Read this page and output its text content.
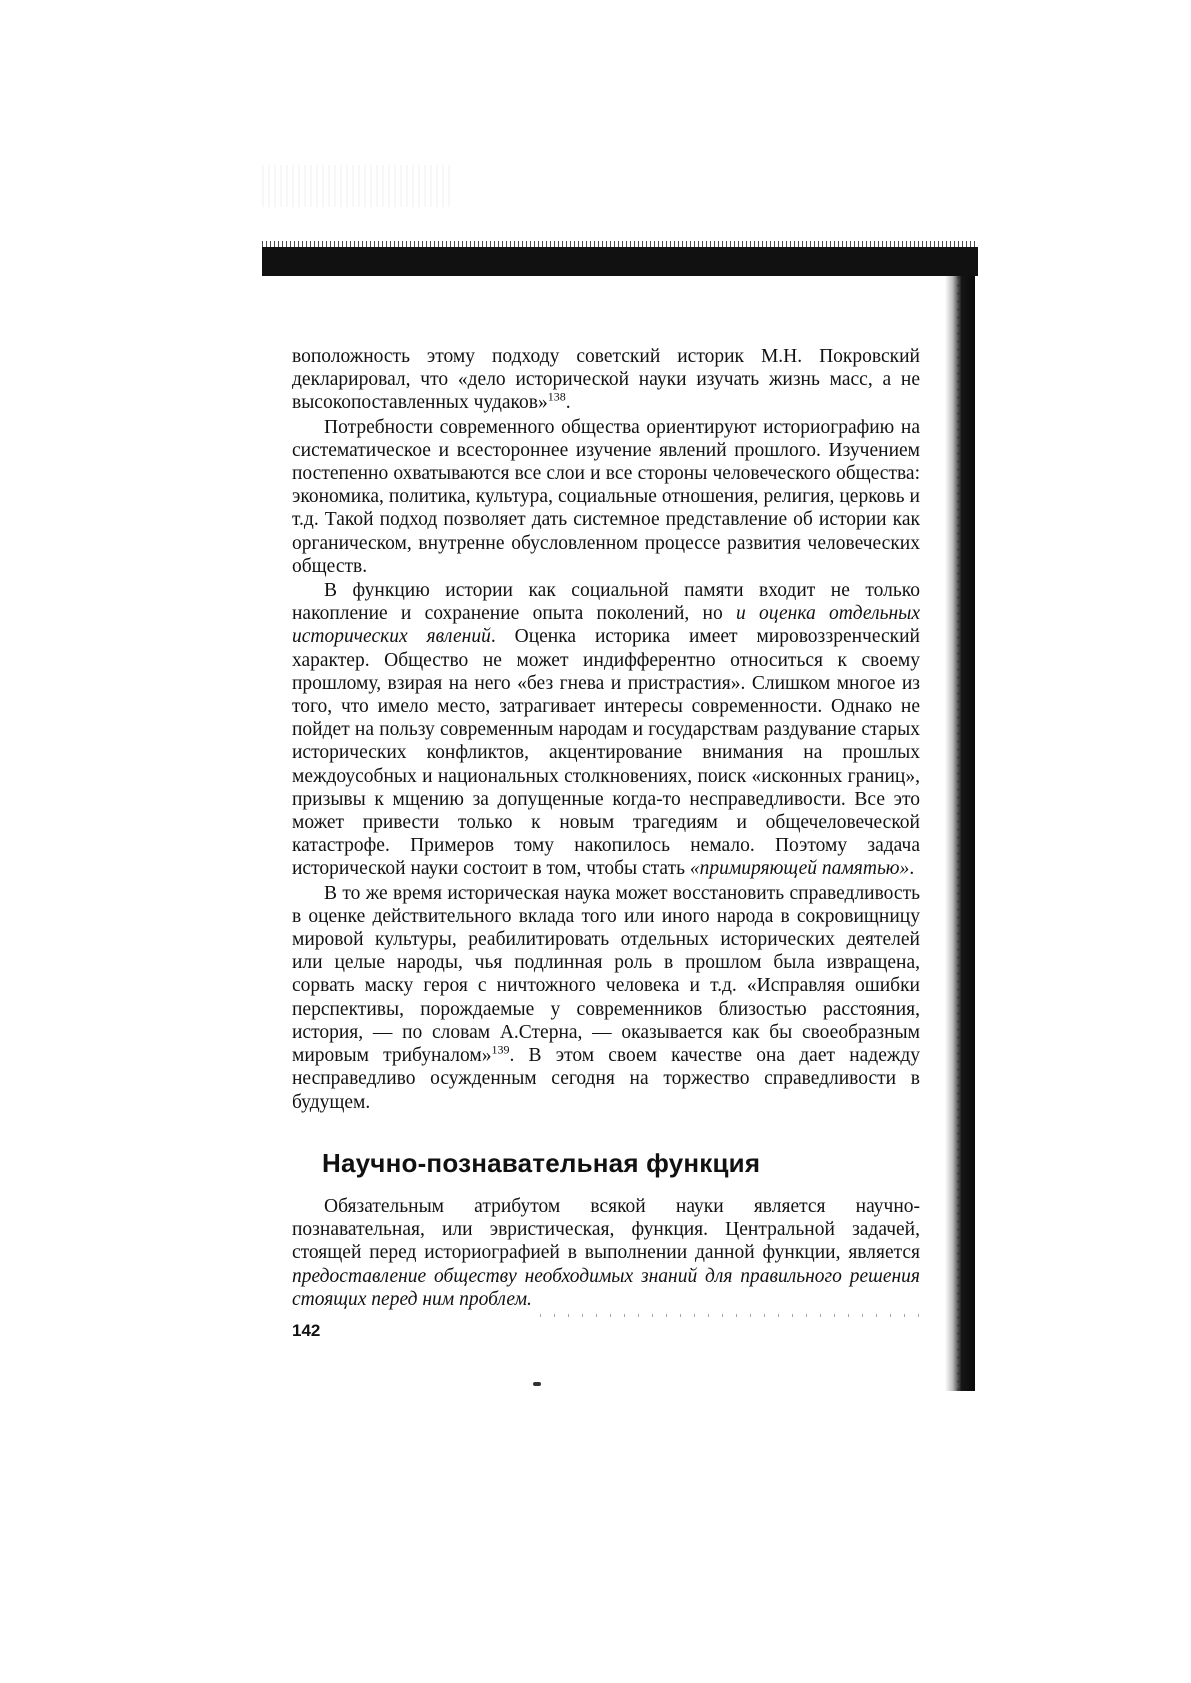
воположность этому подходу советский историк М.Н. Покровский декларировал, что «дело исторической науки изучать жизнь масс, а не высокопоставленных чудаков»$^{138}$.

Потребности современного общества ориентируют историографию на систематическое и всестороннее изучение явлений прошлого. Изучением постепенно охватываются все слои и все стороны человеческого общества: экономика, политика, культура, социальные отношения, религия, церковь и т.д. Такой подход позволяет дать системное представление об истории как органическом, внутренне обусловленном процессе развития человеческих обществ.

В функцию истории как социальной памяти входит не только накопление и сохранение опыта поколений, но и оценка отдельных исторических явлений. Оценка историка имеет мировоззренческий характер. Общество не может индифферентно относиться к своему прошлому, взирая на него «без гнева и пристрастия». Слишком многое из того, что имело место, затрагивает интересы современности. Однако не пойдет на пользу современным народам и государствам раздувание старых исторических конфликтов, акцентирование внимания на прошлых междоусобных и национальных столкновениях, поиск «исконных границ», призывы к мщению за допущенные когда-то несправедливости. Все это может привести только к новым трагедиям и общечеловеческой катастрофе. Примеров тому накопилось немало. Поэтому задача исторической науки состоит в том, чтобы стать «примиряющей памятью».

В то же время историческая наука может восстановить справедливость в оценке действительного вклада того или иного народа в сокровищницу мировой культуры, реабилитировать отдельных исторических деятелей или целые народы, чья подлинная роль в прошлом была извращена, сорвать маску героя с ничтожного человека и т.д. «Исправляя ошибки перспективы, порождаемые у современников близостью расстояния, история, — по словам А.Стерна, — оказывается как бы своеобразным мировым трибуналом»$^{139}$. В этом своем качестве она дает надежду несправедливо осужденным сегодня на торжество справедливости в будущем.

Научно-познавательная функция

Обязательным атрибутом всякой науки является научно-познавательная, или эвристическая, функция. Центральной задачей, стоящей перед историографией в выполнении данной функции, является предоставление обществу необходимых знаний для правильного решения стоящих перед ним проблем.

142
